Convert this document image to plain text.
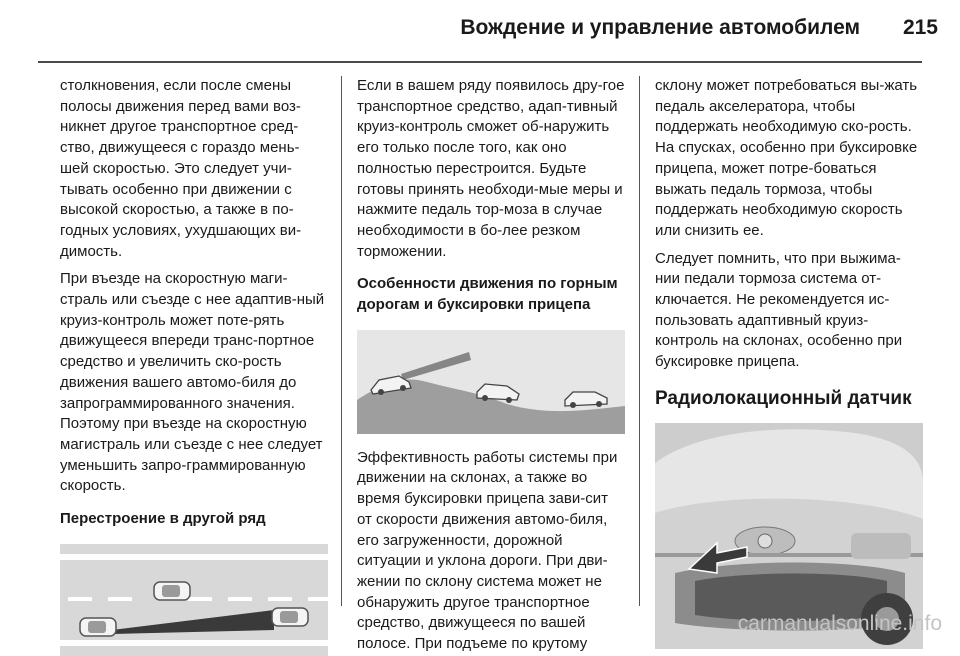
Вождение и управление автомобилем 215

столкновения, если после смены полосы движения перед вами воз-никнет другое транспортное сред-ство, движущееся с гораздо мень-шей скоростью. Это следует учи-тывать особенно при движении с высокой скоростью, а также в по-годных условиях, ухудшающих ви-димость.

При въезде на скоростную маги-страль или съезде с нее адаптив-ный круиз-контроль может поте-рять движущееся впереди транс-портное средство и увеличить ско-рость движения вашего автомо-биля до запрограммированного значения. Поэтому при въезде на скоростную магистраль или съезде с нее следует уменьшить запро-граммированную скорость.

Перестроение в другой ряд

Если в вашем ряду появилось дру-гое транспортное средство, адап-тивный круиз-контроль сможет об-наружить его только после того, как оно полностью перестроится. Будьте готовы принять необходи-мые меры и нажмите педаль тор-моза в случае необходимости в бо-лее резком торможении.

Особенности движения по горным дорогам и буксировки прицепа

Эффективность работы системы при движении на склонах, а также во время буксировки прицепа зави-сит от скорости движения автомо-биля, его загруженности, дорожной ситуации и уклона дороги. При дви-жении по склону система может не обнаружить другое транспортное средство, движущееся по вашей полосе. При подъеме по крутому

склону может потребоваться вы-жать педаль акселератора, чтобы поддержать необходимую ско-рость. На спусках, особенно при буксировке прицепа, может потре-боваться выжать педаль тормоза, чтобы поддержать необходимую скорость или снизить ее.

Следует помнить, что при выжима-нии педали тормоза система от-ключается. Не рекомендуется ис-пользовать адаптивный круиз-контроль на склонах, особенно при буксировке прицепа.

Радиолокационный датчик
carmanualsonline.info
